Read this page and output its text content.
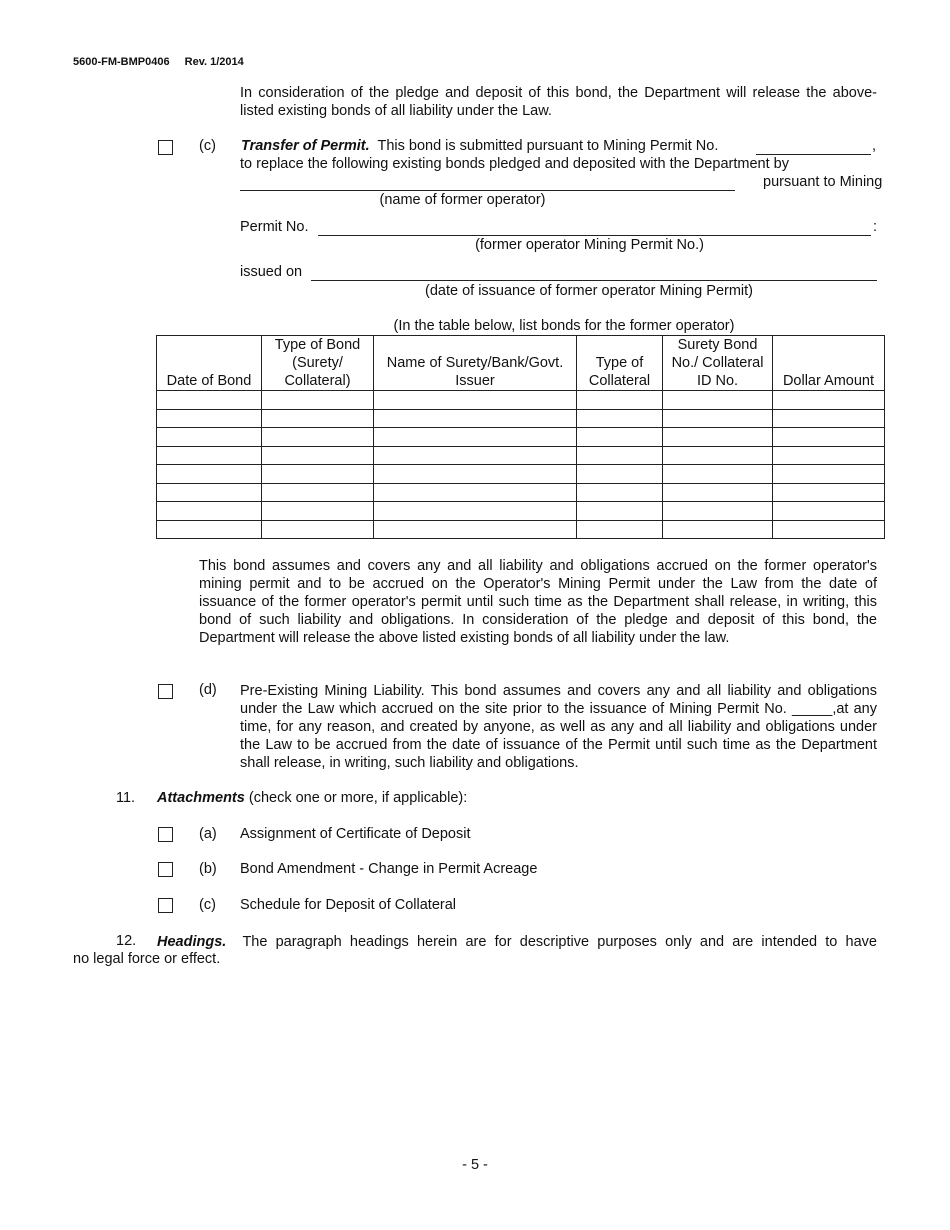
5600-FM-BMP0406 Rev. 1/2014
In consideration of the pledge and deposit of this bond, the Department will release the above-listed existing bonds of all liability under the Law.
(c) Transfer of Permit. This bond is submitted pursuant to Mining Permit No.	,
to replace the following existing bonds pledged and deposited with the Department by
pursuant to Mining
(name of former operator)
Permit No.	:
(former operator Mining Permit No.)
issued on
(date of issuance of former operator Mining Permit)
(In the table below, list bonds for the former operator)
Date of Bond	Type of Bond (Surety/ Collateral)	Name of Surety/Bank/Govt. Issuer	Type of Collateral	Surety Bond No./ Collateral ID No.	Dollar Amount

This bond assumes and covers any and all liability and obligations accrued on the former operator's mining permit and to be accrued on the Operator's Mining Permit under the Law from the date of issuance of the former operator's permit until such time as the Department shall release, in writing, this bond of such liability and obligations. In consideration of the pledge and deposit of this bond, the Department will release the above listed existing bonds of all liability under the law.
(d) Pre-Existing Mining Liability. This bond assumes and covers any and all liability and obligations under the Law which accrued on the site prior to the issuance of Mining Permit No. _____,at any time, for any reason, and created by anyone, as well as any and all liability and obligations under the Law to be accrued from the date of issuance of the Permit until such time as the Department shall release, in writing, such liability and obligations.
11. Attachments (check one or more, if applicable):
(a) Assignment of Certificate of Deposit
(b) Bond Amendment - Change in Permit Acreage
(c) Schedule for Deposit of Collateral
12. Headings. The paragraph headings herein are for descriptive purposes only and are intended to have
no legal force or effect.
- 5 -
